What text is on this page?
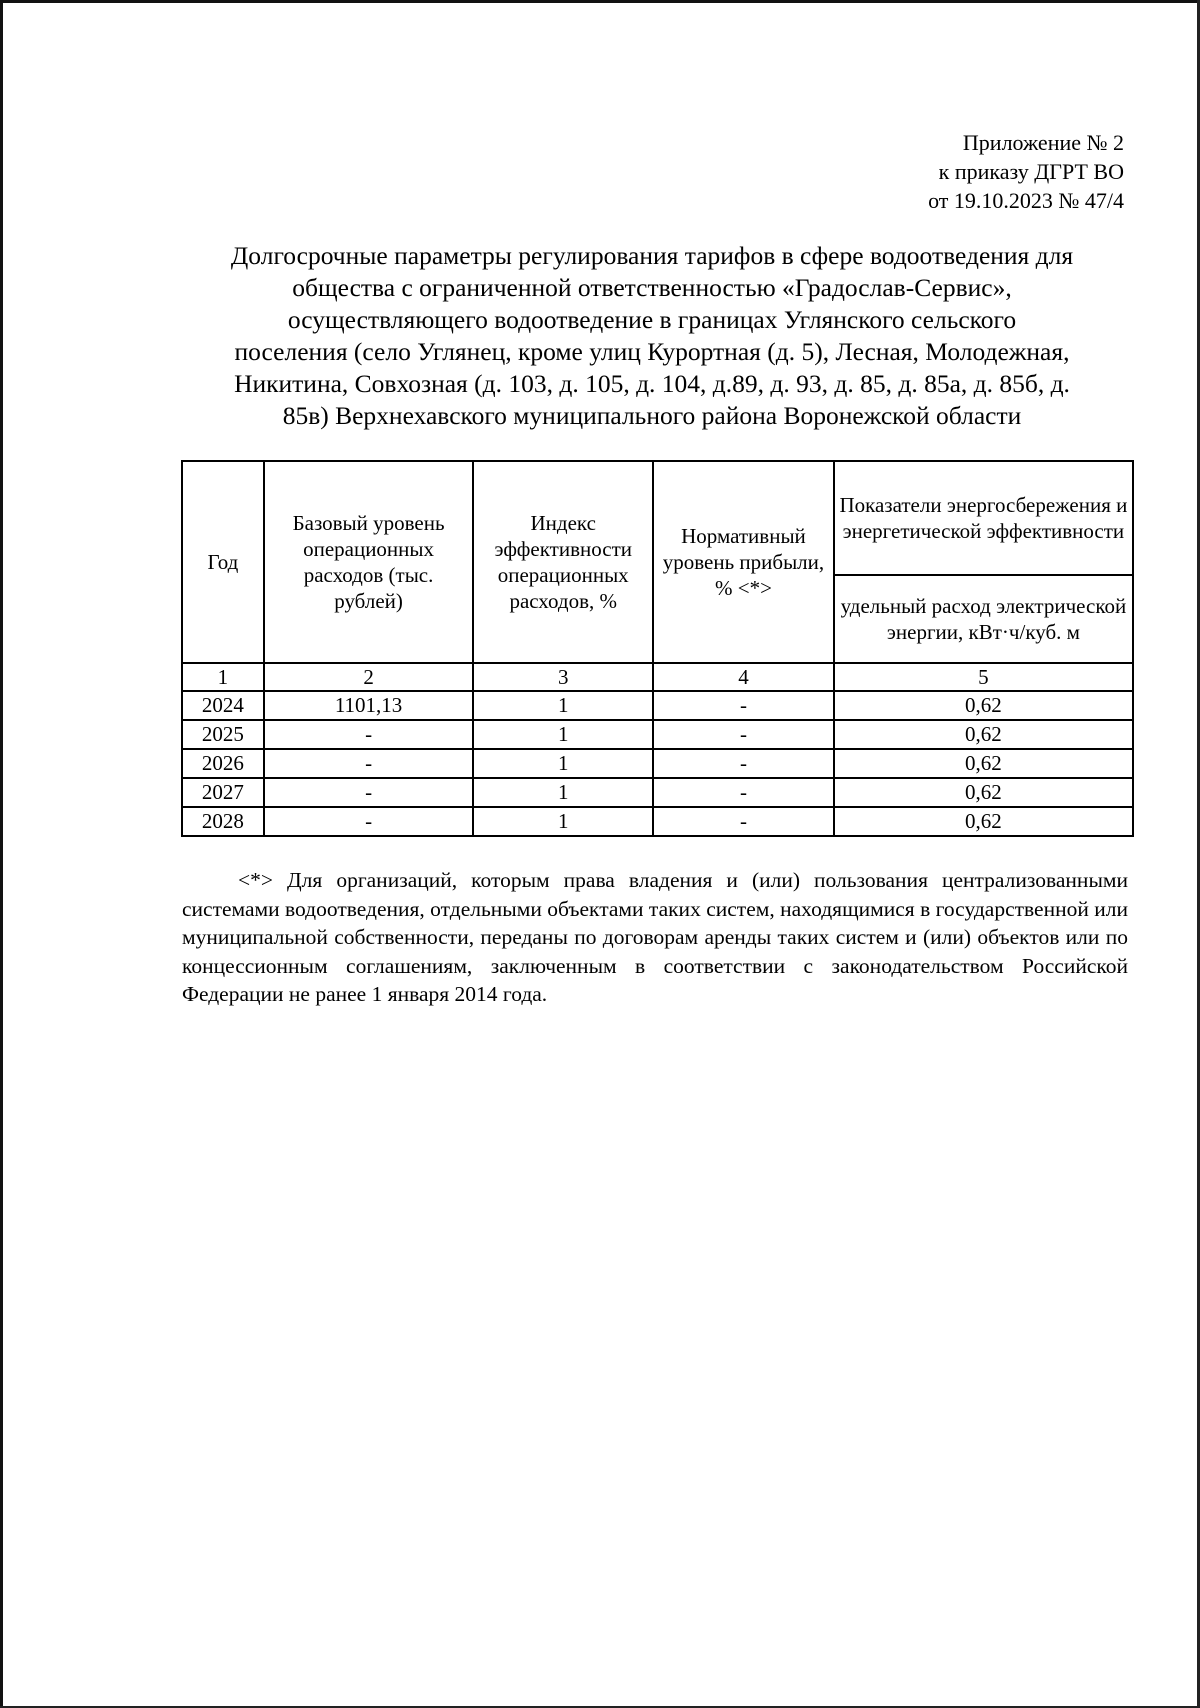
Приложение № 2
к приказу ДГРТ ВО
от 19.10.2023 № 47/4
Долгосрочные параметры регулирования тарифов в сфере водоотведения для
общества с ограниченной ответственностью «Градослав-Сервис»,
осуществляющего водоотведение в границах Углянского сельского
поселения (село Углянец, кроме улиц Курортная (д. 5), Лесная, Молодежная,
Никитина, Совхозная (д. 103, д. 105, д. 104, д.89, д. 93, д. 85, д. 85а, д. 85б, д.
85в) Верхнехавского муниципального района Воронежской области
Год	Базовый уровень операционных расходов (тыс. рублей)	Индекс эффективности операционных расходов, %	Нормативный уровень прибыли, % <*>	Показатели энергосбережения и энергетической эффективности
				удельный расход электрической энергии, кВт·ч/куб. м
1	2	3	4	5
2024	1101,13	1	-	0,62
2025	-	1	-	0,62
2026	-	1	-	0,62
2027	-	1	-	0,62
2028	-	1	-	0,62

<*> Для организаций, которым права владения и (или) пользования централизованными системами водоотведения, отдельными объектами таких систем, находящимися в государственной или муниципальной собственности, переданы по договорам аренды таких систем и (или) объектов или по концессионным соглашениям, заключенным в соответствии с законодательством Российской Федерации не ранее 1 января 2014 года.
